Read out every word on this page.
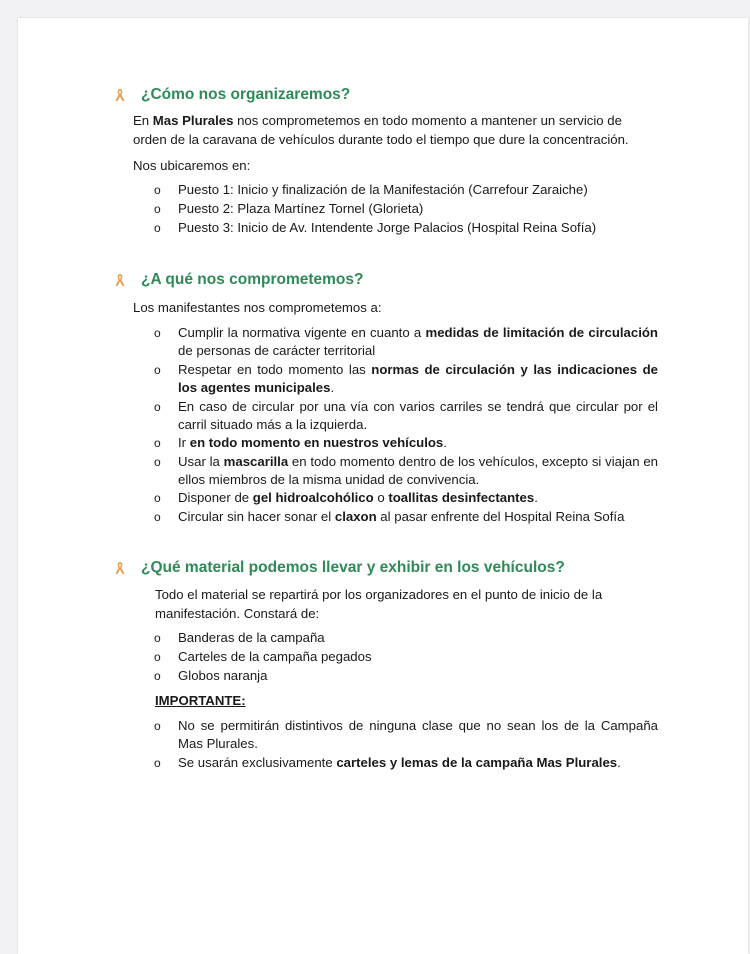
¿Cómo nos organizaremos?
En Mas Plurales nos comprometemos en todo momento a mantener un servicio de
orden de la caravana de vehículos durante todo el tiempo que dure la concentración.
Nos ubicaremos en:
o Puesto 1: Inicio y finalización de la Manifestación (Carrefour Zaraiche)
o Puesto 2: Plaza Martínez Tornel (Glorieta)
o Puesto 3: Inicio de Av. Intendente Jorge Palacios (Hospital Reina Sofía)
¿A qué nos comprometemos?
Los manifestantes nos comprometemos a:
o Cumplir la normativa vigente en cuanto a medidas de limitación de circulación de personas de carácter territorial
o Respetar en todo momento las normas de circulación y las indicaciones de los agentes municipales.
o En caso de circular por una vía con varios carriles se tendrá que circular por el carril situado más a la izquierda.
o Ir en todo momento en nuestros vehículos.
o Usar la mascarilla en todo momento dentro de los vehículos, excepto si viajan en ellos miembros de la misma unidad de convivencia.
o Disponer de gel hidroalcohólico o toallitas desinfectantes.
o Circular sin hacer sonar el claxon al pasar enfrente del Hospital Reina Sofía
¿Qué material podemos llevar y exhibir en los vehículos?
Todo el material se repartirá por los organizadores en el punto de inicio de la
manifestación. Constará de:
o Banderas de la campaña
o Carteles de la campaña pegados
o Globos naranja
IMPORTANTE:
o No se permitirán distintivos de ninguna clase que no sean los de la Campaña Mas Plurales.
o Se usarán exclusivamente carteles y lemas de la campaña Mas Plurales.
